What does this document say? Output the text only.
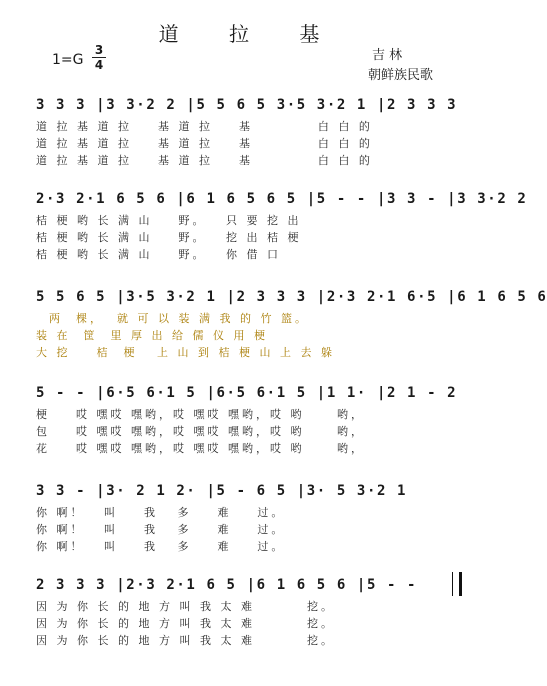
道 拉 基
1=G
3
4
吉 林
朝鲜族民歌
3 3 3 |3 3·2 2 |5 5 6 5 3·5 3·2 1 |2 3 3 3
道 拉 基 道 拉    基 道 拉    基          白 白 的
道 拉 基 道 拉    基 道 拉    基          白 白 的
道 拉 基 道 拉    基 道 拉    基          白 白 的
2·3 2·1 6 5 6 |6 1 6 5 6 5 |5 - - |3 3 - |3 3·2 2
桔 梗 哟 长 满 山    野。   只 要 挖 出
桔 梗 哟 长 满 山    野。   挖 出 桔 梗
桔 梗 哟 长 满 山    野。   你 借 口
5 5 6 5 |3·5 3·2 1 |2 3 3 3 |2·3 2·1 6·5 |6 1 6 5 6
两  棵，  就 可 以 装 满 我 的 竹 篮。
装 在  筐  里 厚 出 给 儒 仪 用 梗
大 挖    桔  梗   上 山 到 桔 梗 山 上 去 躲
5 - - |6·5 6·1 5 |6·5 6·1 5 |1 1· |2 1 - 2
梗    哎 嘿哎 嘿哟，哎 嘿哎 嘿哟，哎 哟     哟，
包    哎 嘿哎 嘿哟，哎 嘿哎 嘿哟，哎 哟     哟，
花    哎 嘿哎 嘿哟，哎 嘿哎 嘿哟，哎 哟     哟，
3 3 - |3· 2 1 2· |5 - 6 5 |3· 5 3·2 1
你 啊！   叫    我   多    难    过。
你 啊！   叫    我   多    难    过。
你 啊！   叫    我   多    难    过。
2 3 3 3 |2·3 2·1 6 5 |6 1 6 5 6 |5 - -
因 为 你 长 的 地 方 叫 我 太 难        挖。
因 为 你 长 的 地 方 叫 我 太 难        挖。
因 为 你 长 的 地 方 叫 我 太 难        挖。
